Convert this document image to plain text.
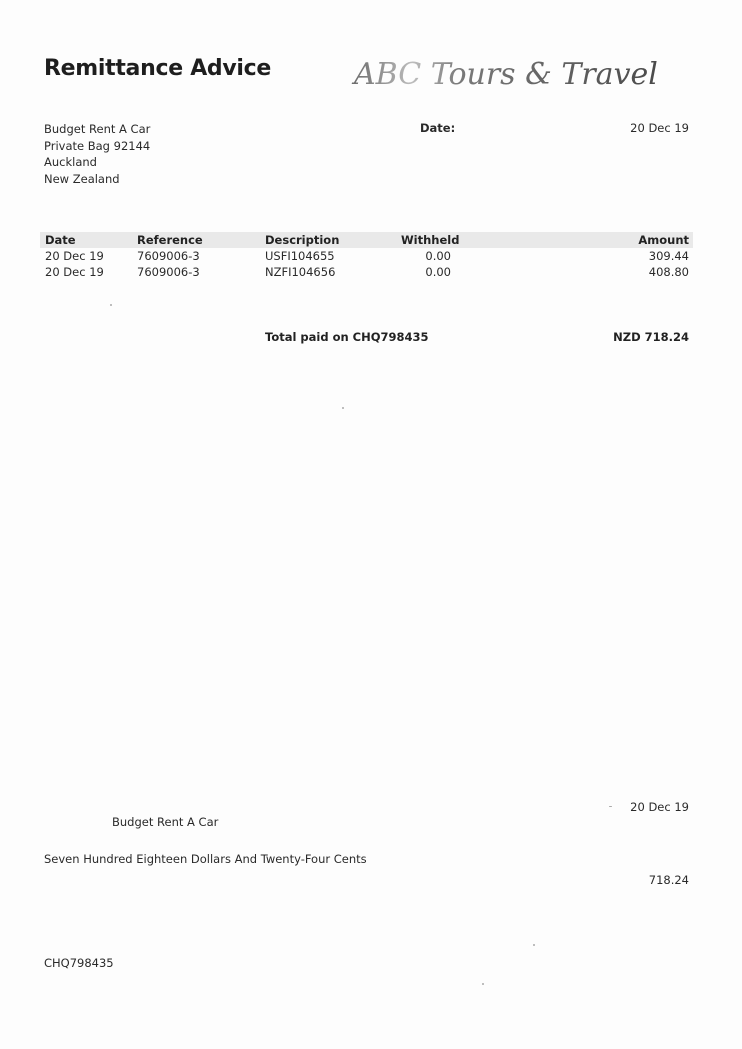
Remittance Advice	ABC Tours & Travel
Budget Rent A Car
Private Bag 92144
Auckland
New Zealand
Date:	20 Dec 19
Date	Reference	Description	Withheld	Amount
20 Dec 19	7609006-3	USFI104655	0.00	309.44
20 Dec 19	7609006-3	NZFI104656	0.00	408.80
Total paid on CHQ798435	NZD 718.24
20 Dec 19
Budget Rent A Car
Seven Hundred Eighteen Dollars And Twenty-Four Cents
718.24
CHQ798435
